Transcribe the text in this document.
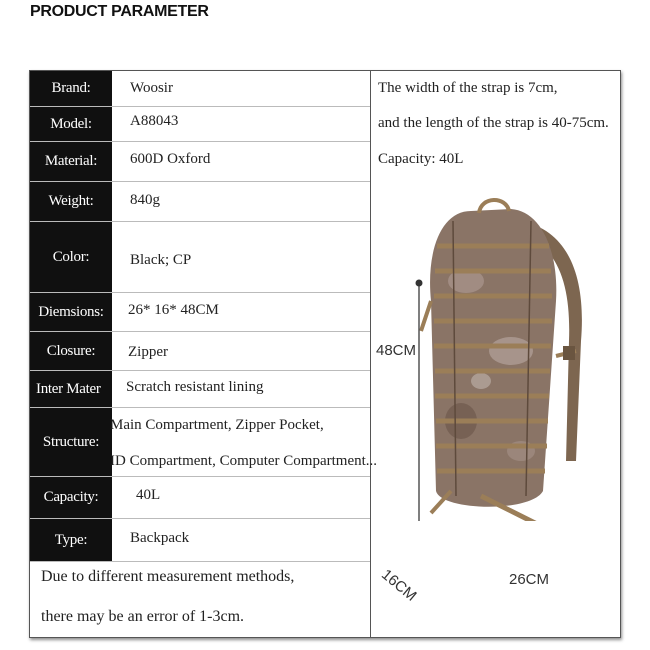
PRODUCT PARAMETER
Brand:
Model:
Material:
Weight:
Color:
Diemsions:
Closure:
Inter Mater
Structure:
Capacity:
Type:
Woosir
A88043
600D Oxford
840g
Black; CP
26* 16* 48CM
Zipper
Scratch resistant lining
Main Compartment, Zipper Pocket,
ID Compartment, Computer Compartment...
40L
Backpack
Due to different measurement methods,
there may be an error of 1-3cm.
The width of the strap is 7cm,
and the length of the strap is 40-75cm.
Capacity: 40L
48CM
26CM
16CM
